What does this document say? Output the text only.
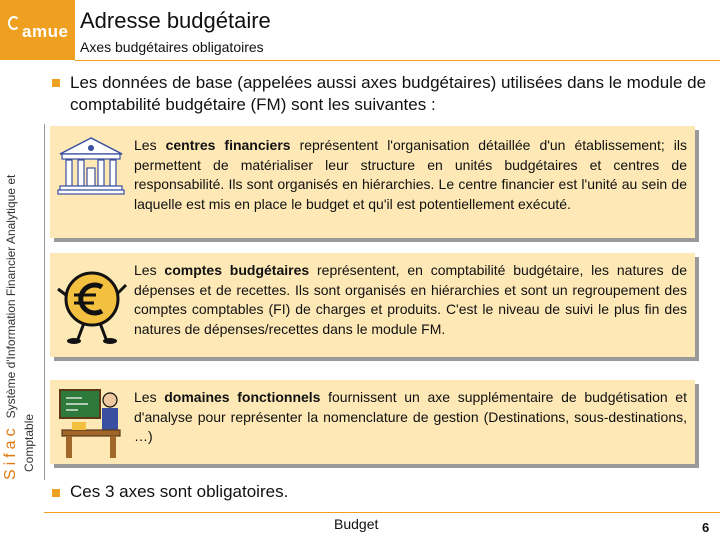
amue Adresse budgétaire
Axes budgétaires obligatoires
SifacSystème d'Information Financier Analytique et
Comptable
Les données de base (appelées aussi axes budgétaires) utilisées dans le module de comptabilité budgétaire (FM) sont les suivantes :
Les centres financiers représentent l'organisation détaillée d'un établissement; ils permettent de matérialiser leur structure en unités budgétaires et centres de responsabilité. Ils sont organisés en hiérarchies. Le centre financier est l'unité au sein de laquelle est mis en place le budget et qu'il est potentiellement exécuté.
Les comptes budgétaires représentent, en comptabilité budgétaire, les natures de dépenses et de recettes. Ils sont organisés en hiérarchies et sont un regroupement des comptes comptables (FI) de charges et produits. C'est le niveau de suivi le plus fin des natures de dépenses/recettes dans le module FM.
Les domaines fonctionnels fournissent un axe supplémentaire de budgétisation et d'analyse pour représenter la nomenclature de gestion (Destinations, sous-destinations, …)
Ces 3 axes sont obligatoires.
Budget	6
